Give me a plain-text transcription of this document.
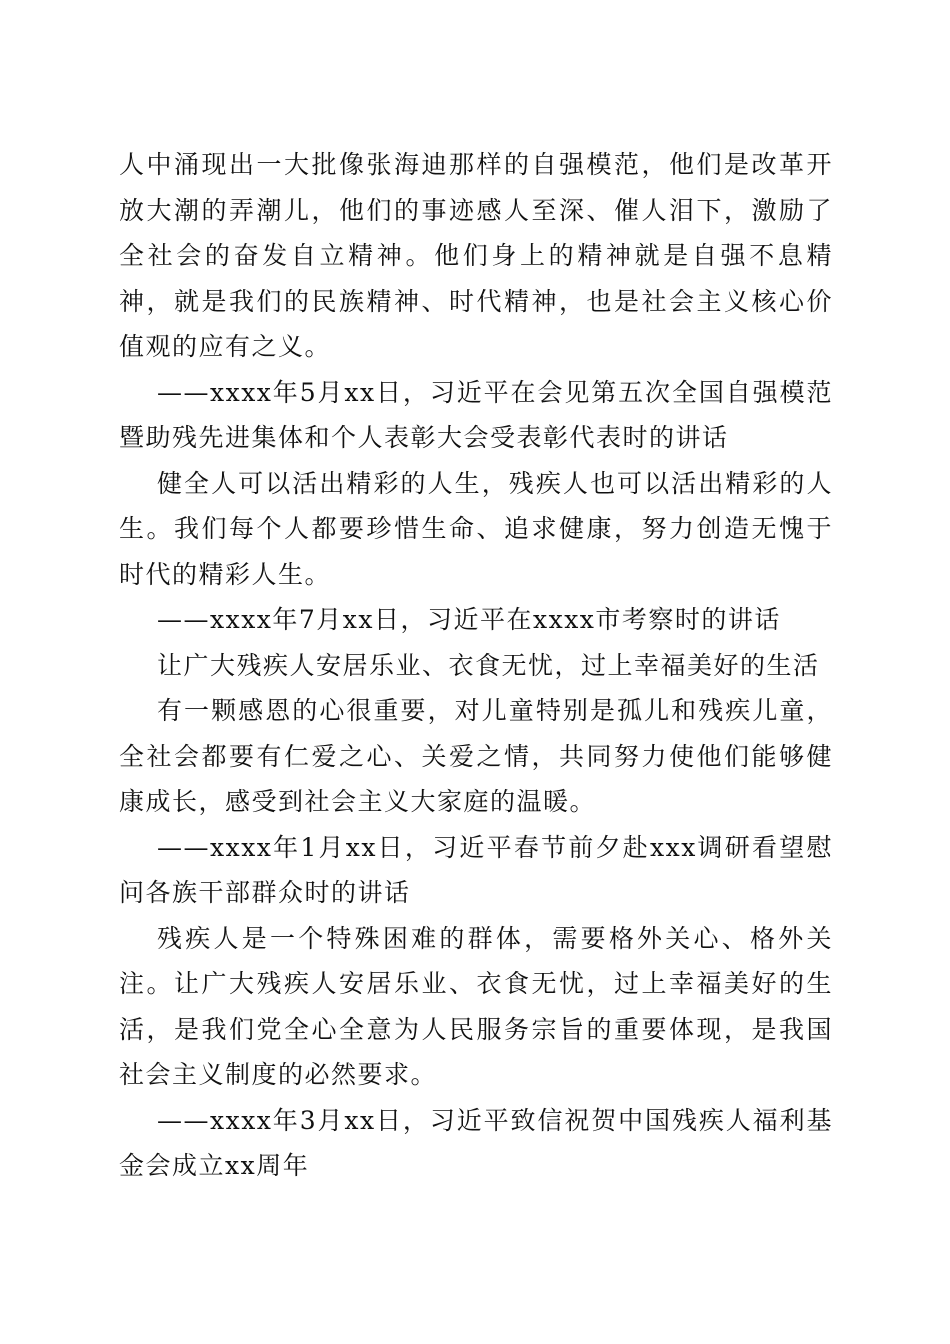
人中涌现出一大批像张海迪那样的自强模范，他们是改革开放大潮的弄潮儿，他们的事迹感人至深、催人泪下，激励了全社会的奋发自立精神。他们身上的精神就是自强不息精神，就是我们的民族精神、时代精神，也是社会主义核心价值观的应有之义。

——xxxx年5月xx日，习近平在会见第五次全国自强模范暨助残先进集体和个人表彰大会受表彰代表时的讲话

健全人可以活出精彩的人生，残疾人也可以活出精彩的人生。我们每个人都要珍惜生命、追求健康，努力创造无愧于时代的精彩人生。

——xxxx年7月xx日，习近平在xxxx市考察时的讲话

让广大残疾人安居乐业、衣食无忧，过上幸福美好的生活

有一颗感恩的心很重要，对儿童特别是孤儿和残疾儿童，全社会都要有仁爱之心、关爱之情，共同努力使他们能够健康成长，感受到社会主义大家庭的温暖。

——xxxx年1月xx日，习近平春节前夕赴xxx调研看望慰问各族干部群众时的讲话

残疾人是一个特殊困难的群体，需要格外关心、格外关注。让广大残疾人安居乐业、衣食无忧，过上幸福美好的生活，是我们党全心全意为人民服务宗旨的重要体现，是我国社会主义制度的必然要求。

——xxxx年3月xx日，习近平致信祝贺中国残疾人福利基金会成立xx周年
